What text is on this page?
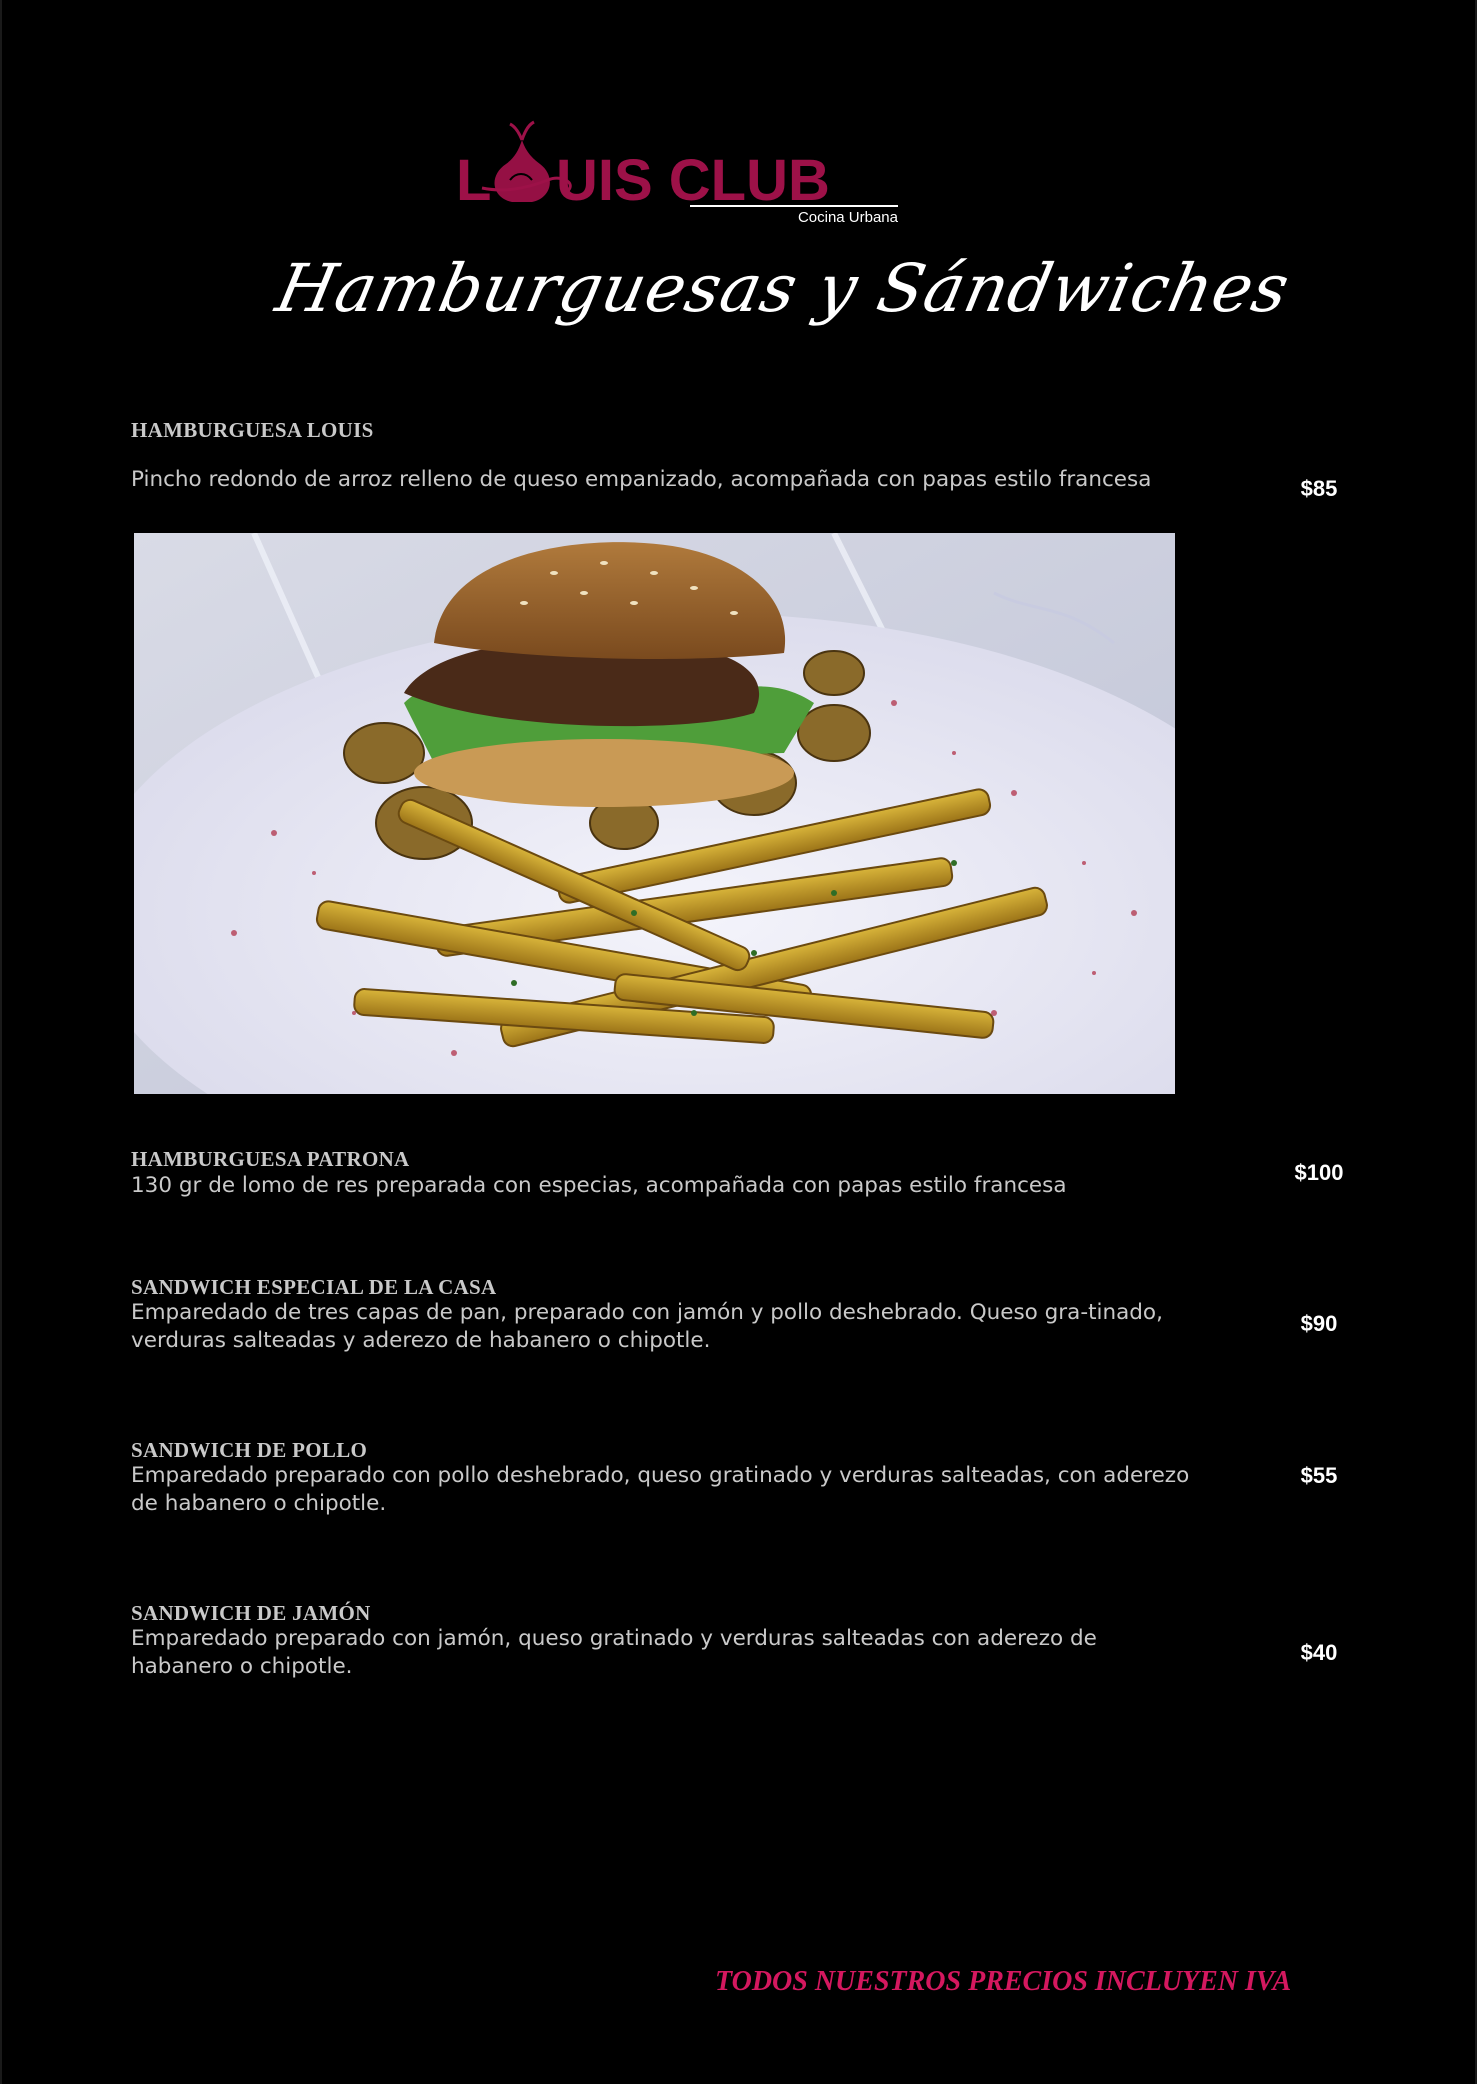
L UIS CLUB
Cocina Urbana
Hamburguesas y Sándwiches
HAMBURGUESA LOUIS
Pincho redondo de arroz relleno de queso empanizado, acompañada con papas estilo francesa	$85
HAMBURGUESA PATRONA
130 gr de lomo de res preparada con especias, acompañada con papas estilo francesa
$100
SANDWICH ESPECIAL DE LA CASA
Emparedado de tres capas de pan, preparado con jamón y pollo deshebrado. Queso gra-tinado, verduras salteadas y aderezo de habanero o chipotle.
$90
SANDWICH DE POLLO
Emparedado preparado con pollo deshebrado, queso gratinado y verduras salteadas, con aderezo de habanero o chipotle.
$55
SANDWICH DE JAMÓN
Emparedado preparado con jamón, queso gratinado y verduras salteadas con aderezo de habanero o chipotle.
$40
TODOS NUESTROS PRECIOS INCLUYEN IVA
